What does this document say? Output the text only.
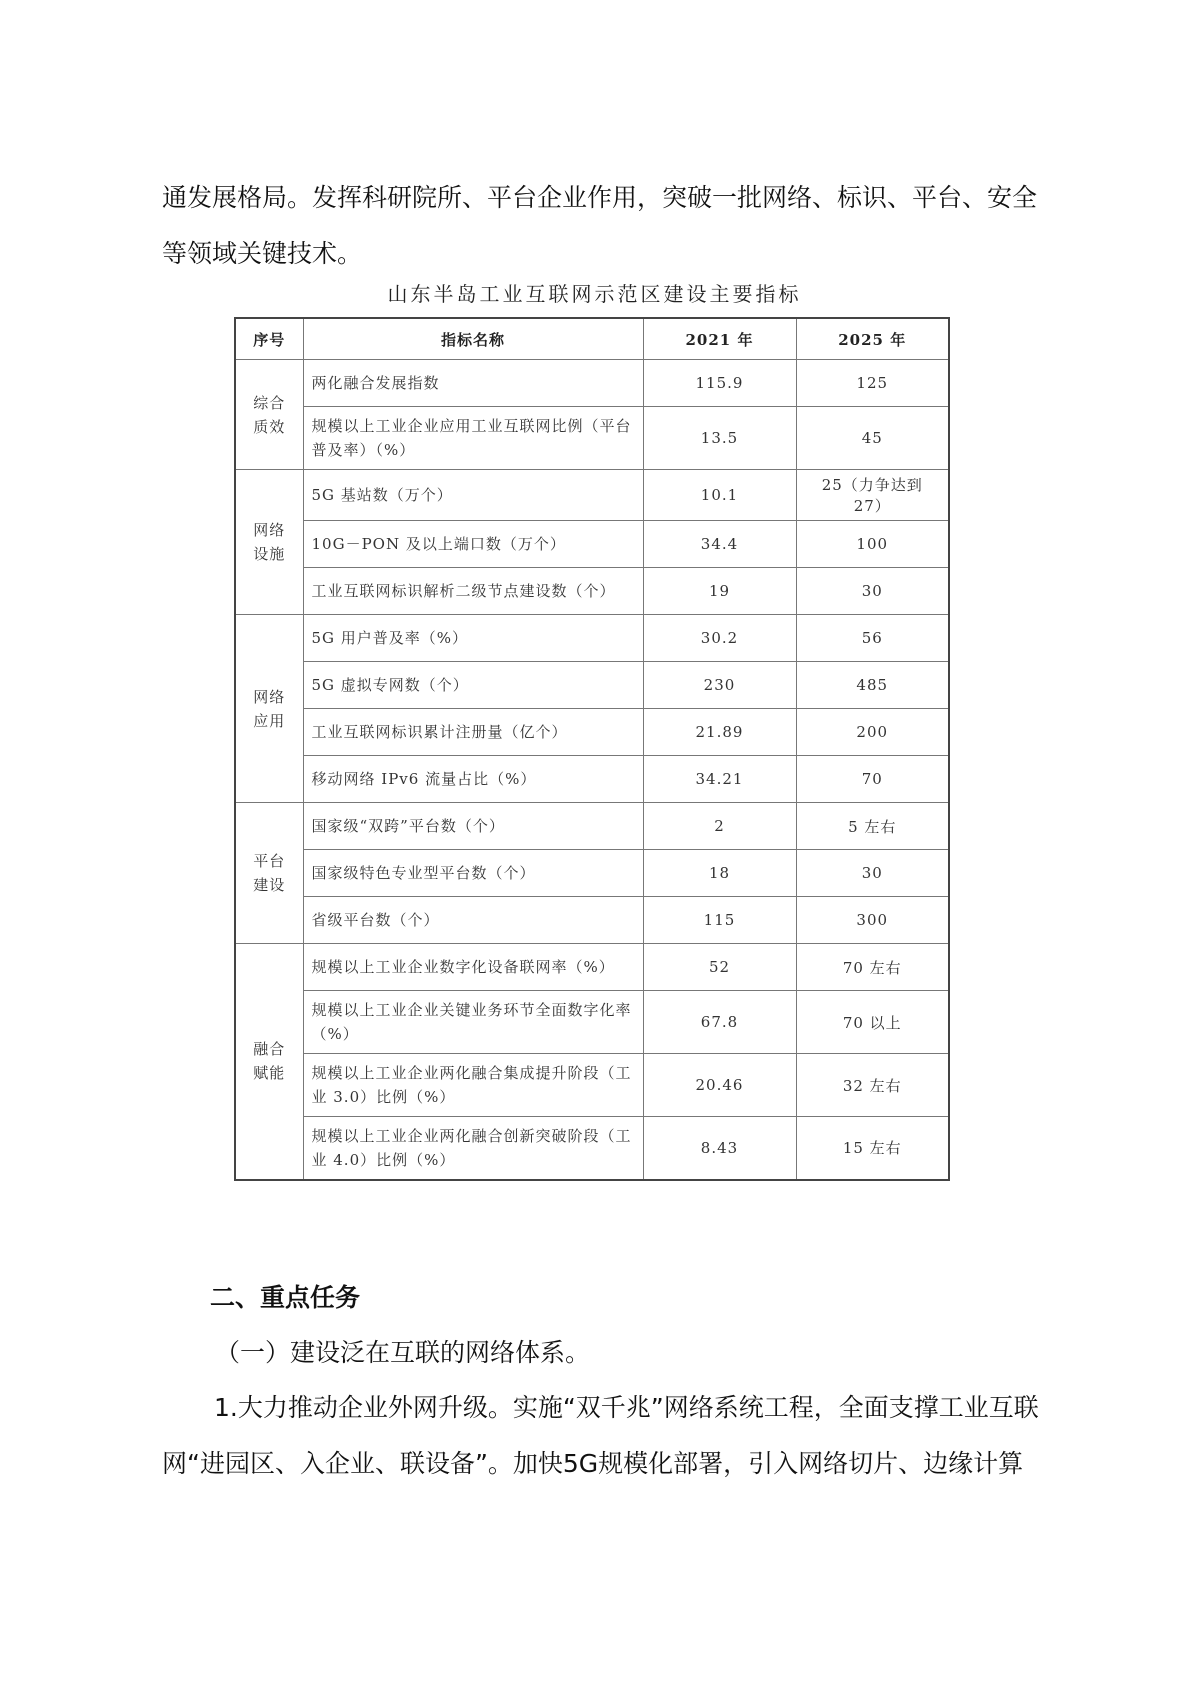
通发展格局。发挥科研院所、平台企业作用，突破一批网络、标识、平台、安全等领域关键技术。

山东半岛工业互联网示范区建设主要指标
序号	指标名称	2021 年	2025 年
综合质效	两化融合发展指数	115.9	125
	规模以上工业企业应用工业互联网比例（平台普及率）（%）	13.5	45
网络设施	5G 基站数（万个）	10.1	25（力争达到 27）
	10G－PON 及以上端口数（万个）	34.4	100
	工业互联网标识解析二级节点建设数（个）	19	30
网络应用	5G 用户普及率（%）	30.2	56
	5G 虚拟专网数（个）	230	485
	工业互联网标识累计注册量（亿个）	21.89	200
	移动网络 IPv6 流量占比（%）	34.21	70
平台建设	国家级“双跨”平台数（个）	2	5 左右
	国家级特色专业型平台数（个）	18	30
	省级平台数（个）	115	300
融合赋能	规模以上工业企业数字化设备联网率（%）	52	70 左右
	规模以上工业企业关键业务环节全面数字化率（%）	67.8	70 以上
	规模以上工业企业两化融合集成提升阶段（工业 3.0）比例（%）	20.46	32 左右
	规模以上工业企业两化融合创新突破阶段（工业 4.0）比例（%）	8.43	15 左右

二、重点任务

（一）建设泛在互联的网络体系。

1.大力推动企业外网升级。实施“双千兆”网络系统工程，全面支撑工业互联网“进园区、入企业、联设备”。加快5G规模化部署，引入网络切片、边缘计算
